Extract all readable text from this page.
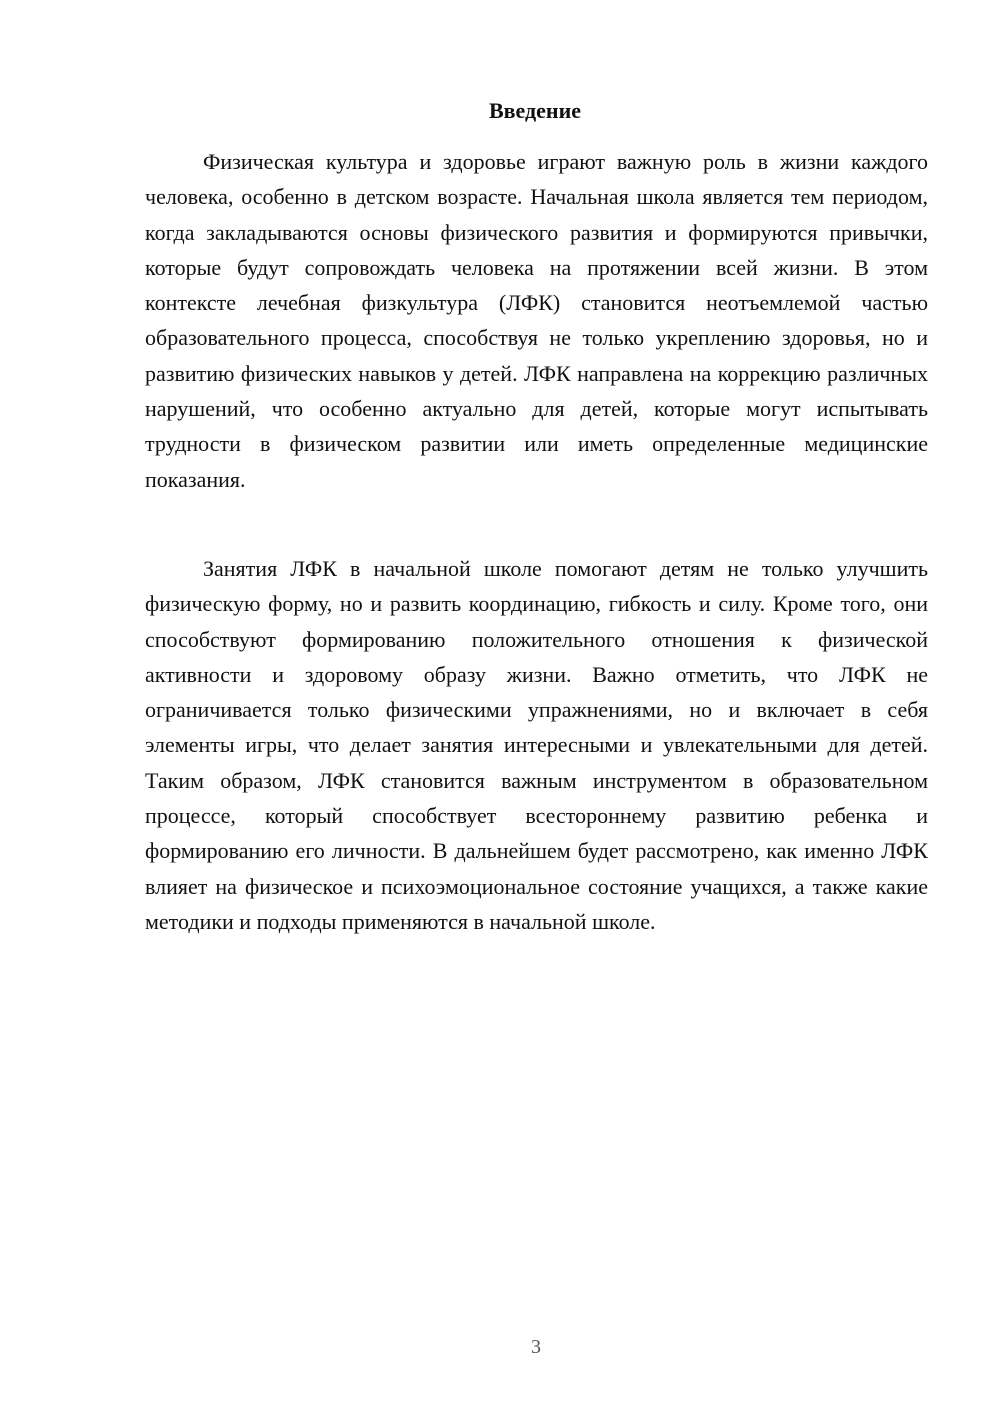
Введение

Физическая культура и здоровье играют важную роль в жизни каждого человека, особенно в детском возрасте. Начальная школа является тем периодом, когда закладываются основы физического развития и формируются привычки, которые будут сопровождать человека на протяжении всей жизни. В этом контексте лечебная физкультура (ЛФК) становится неотъемлемой частью образовательного процесса, способствуя не только укреплению здоровья, но и развитию физических навыков у детей. ЛФК направлена на коррекцию различных нарушений, что особенно актуально для детей, которые могут испытывать трудности в физическом развитии или иметь определенные медицинские показания.

Занятия ЛФК в начальной школе помогают детям не только улучшить физическую форму, но и развить координацию, гибкость и силу. Кроме того, они способствуют формированию положительного отношения к физической активности и здоровому образу жизни. Важно отметить, что ЛФК не ограничивается только физическими упражнениями, но и включает в себя элементы игры, что делает занятия интересными и увлекательными для детей. Таким образом, ЛФК становится важным инструментом в образовательном процессе, который способствует всестороннему развитию ребенка и формированию его личности. В дальнейшем будет рассмотрено, как именно ЛФК влияет на физическое и психоэмоциональное состояние учащихся, а также какие методики и подходы применяются в начальной школе.

3
